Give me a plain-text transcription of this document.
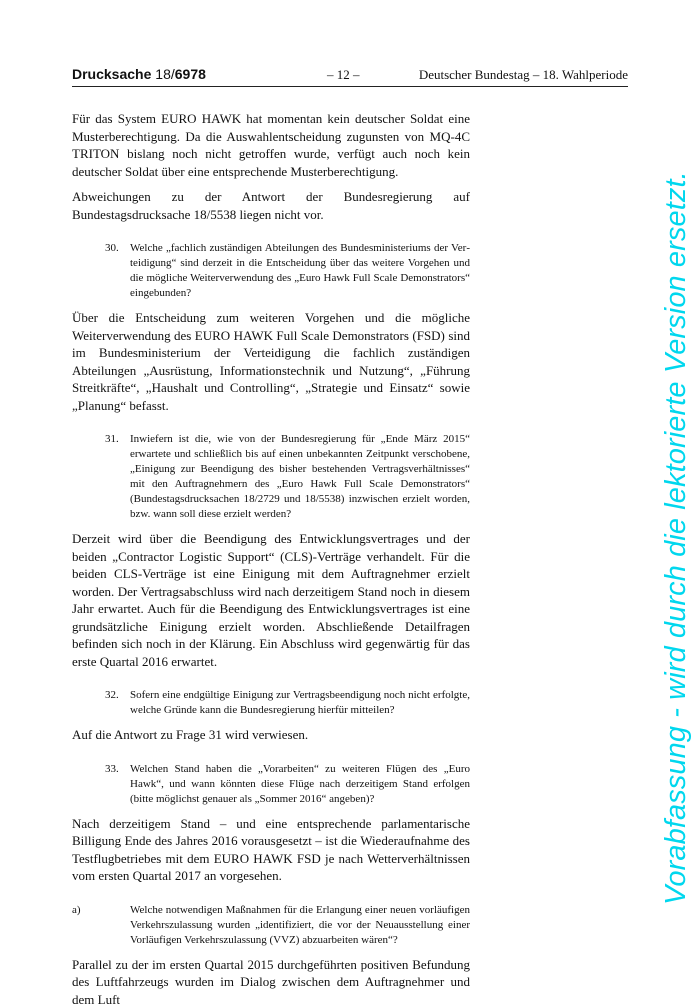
Drucksache 18/6978	– 12 –	Deutscher Bundestag – 18. Wahlperiode

Für das System EURO HAWK hat momentan kein deutscher Soldat eine Musterberechtigung. Da die Auswahlentscheidung zugunsten von MQ-4C TRITON bislang noch nicht getroffen wurde, verfügt auch noch kein deutscher Soldat über eine entsprechende Musterberechtigung.

Abweichungen zu der Antwort der Bundesregierung auf Bundestagsdrucksache 18/5538 liegen nicht vor.

30.	Welche „fachlich zuständigen Abteilungen des Bundesministeriums der Verteidigung“ sind derzeit in die Entscheidung über das weitere Vorgehen und die mögliche Weiterverwendung des „Euro Hawk Full Scale Demonstrators“ eingebunden?

Über die Entscheidung zum weiteren Vorgehen und die mögliche Weiterverwendung des EURO HAWK Full Scale Demonstrators (FSD) sind im Bundesministerium der Verteidigung die fachlich zuständigen Abteilungen „Ausrüstung, Informationstechnik und Nutzung“, „Führung Streitkräfte“, „Haushalt und Controlling“, „Strategie und Einsatz“ sowie „Planung“ befasst.

31.	Inwiefern ist die, wie von der Bundesregierung für „Ende März 2015“ erwartete und schließlich bis auf einen unbekannten Zeitpunkt verschobene, „Einigung zur Beendigung des bisher bestehenden Vertragsverhältnisses“ mit den Auftragnehmern des „Euro Hawk Full Scale Demonstrators“ (Bundestagsdrucksachen 18/2729 und 18/5538) inzwischen erzielt worden, bzw. wann soll diese erzielt werden?

Derzeit wird über die Beendigung des Entwicklungsvertrages und der beiden „Contractor Logistic Support“ (CLS)-Verträge verhandelt. Für die beiden CLS-Verträge ist eine Einigung mit dem Auftragnehmer erzielt worden. Der Vertragsabschluss wird nach derzeitigem Stand noch in diesem Jahr erwartet. Auch für die Beendigung des Entwicklungsvertrages ist eine grundsätzliche Einigung erzielt worden. Abschließende Detailfragen befinden sich noch in der Klärung. Ein Abschluss wird gegenwärtig für das erste Quartal 2016 erwartet.

32.	Sofern eine endgültige Einigung zur Vertragsbeendigung noch nicht erfolgte, welche Gründe kann die Bundesregierung hierfür mitteilen?

Auf die Antwort zu Frage 31 wird verwiesen.

33.	Welchen Stand haben die „Vorarbeiten“ zu weiteren Flügen des „Euro Hawk“, und wann könnten diese Flüge nach derzeitigem Stand erfolgen (bitte möglichst genauer als „Sommer 2016“ angeben)?

Nach derzeitigem Stand – und eine entsprechende parlamentarische Billigung Ende des Jahres 2016 vorausgesetzt – ist die Wiederaufnahme des Testflugbetriebes mit dem EURO HAWK FSD je nach Wetterverhältnissen vom ersten Quartal 2017 an vorgesehen.

a)	Welche notwendigen Maßnahmen für die Erlangung einer neuen vorläufigen Verkehrszulassung wurden „identifiziert, die vor der Neuausstellung einer Vorläufigen Verkehrszulassung (VVZ) abzuarbeiten wären“?

Parallel zu der im ersten Quartal 2015 durchgeführten positiven Befundung des Luftfahrzeugs wurden im Dialog zwischen dem Auftragnehmer und dem Luft

Vorabfassung - wird durch die lektorierte Version ersetzt.
